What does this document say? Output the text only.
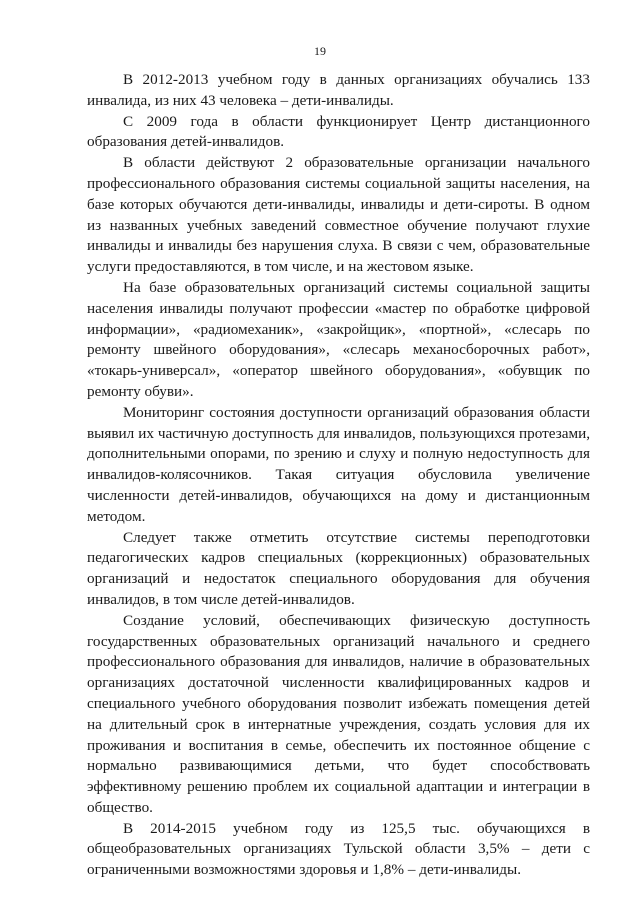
19

В 2012-2013 учебном году в данных организациях обучались 133 инвалида, из них 43 человека – дети-инвалиды.

С 2009 года в области функционирует Центр дистанционного образования детей-инвалидов.

В области действуют 2 образовательные организации начального профессионального образования системы социальной защиты населения, на базе которых обучаются дети-инвалиды, инвалиды и дети-сироты. В одном из названных учебных заведений совместное обучение получают глухие инвалиды и инвалиды без нарушения слуха. В связи с чем, образовательные услуги предоставляются, в том числе, и на жестовом языке.

На базе образовательных организаций системы социальной защиты населения инвалиды получают профессии «мастер по обработке цифровой информации», «радиомеханик», «закройщик», «портной», «слесарь по ремонту швейного оборудования», «слесарь механосборочных работ», «токарь-универсал», «оператор швейного оборудования», «обувщик по ремонту обуви».

Мониторинг состояния доступности организаций образования области выявил их частичную доступность для инвалидов, пользующихся протезами, дополнительными опорами, по зрению и слуху и полную недоступность для инвалидов-колясочников. Такая ситуация обусловила увеличение численности детей-инвалидов, обучающихся на дому и дистанционным методом.

Следует также отметить отсутствие системы переподготовки педагогических кадров специальных (коррекционных) образовательных организаций и недостаток специального оборудования для обучения инвалидов, в том числе детей-инвалидов.

Создание условий, обеспечивающих физическую доступность государственных образовательных организаций начального и среднего профессионального образования для инвалидов, наличие в образовательных организациях достаточной численности квалифицированных кадров и специального учебного оборудования позволит избежать помещения детей на длительный срок в интернатные учреждения, создать условия для их проживания и воспитания в семье, обеспечить их постоянное общение с нормально развивающимися детьми, что будет способствовать эффективному решению проблем их социальной адаптации и интеграции в общество.

В 2014-2015 учебном году из 125,5 тыс. обучающихся в общеобразовательных организациях Тульской области 3,5% – дети с ограниченными возможностями здоровья и 1,8% – дети-инвалиды.
